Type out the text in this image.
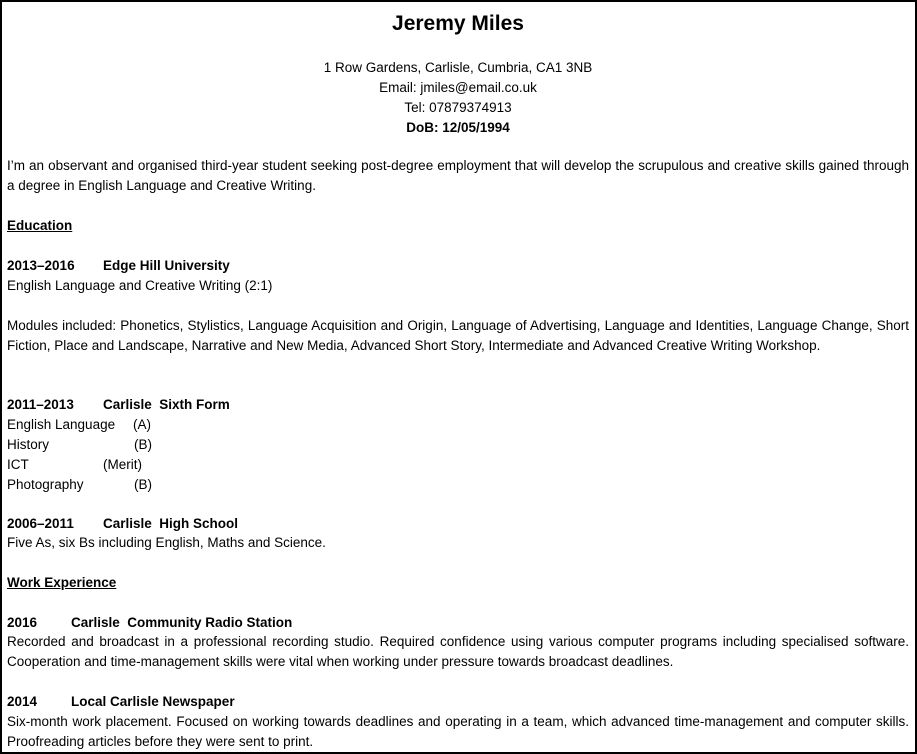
Jeremy Miles
1 Row Gardens, Carlisle, Cumbria, CA1 3NB
Email: jmiles@email.co.uk
Tel: 07879374913
DoB: 12/05/1994
I’m an observant and organised third-year student seeking post-degree employment that will develop the scrupulous and creative skills gained through a degree in English Language and Creative Writing.
Education
2013–2016 Edge Hill University
English Language and Creative Writing (2:1)
Modules included: Phonetics, Stylistics, Language Acquisition and Origin, Language of Advertising, Language and Identities, Language Change, Short Fiction, Place and Landscape, Narrative and New Media, Advanced Short Story, Intermediate and Advanced Creative Writing Workshop.
2011–2013 Carlisle  Sixth Form
English Language (A)
History	(B)
ICT	(Merit)
Photography	(B)
2006–2011 Carlisle  High School
Five As, six Bs including English, Maths and Science.
Work Experience
2016	Carlisle  Community Radio Station
Recorded and broadcast in a professional recording studio. Required confidence using various computer programs including specialised software. Cooperation and time-management skills were vital when working under pressure towards broadcast deadlines.
2014	Local Carlisle Newspaper
Six-month work placement. Focused on working towards deadlines and operating in a team, which advanced time-management and computer skills. Proofreading articles before they were sent to print.
